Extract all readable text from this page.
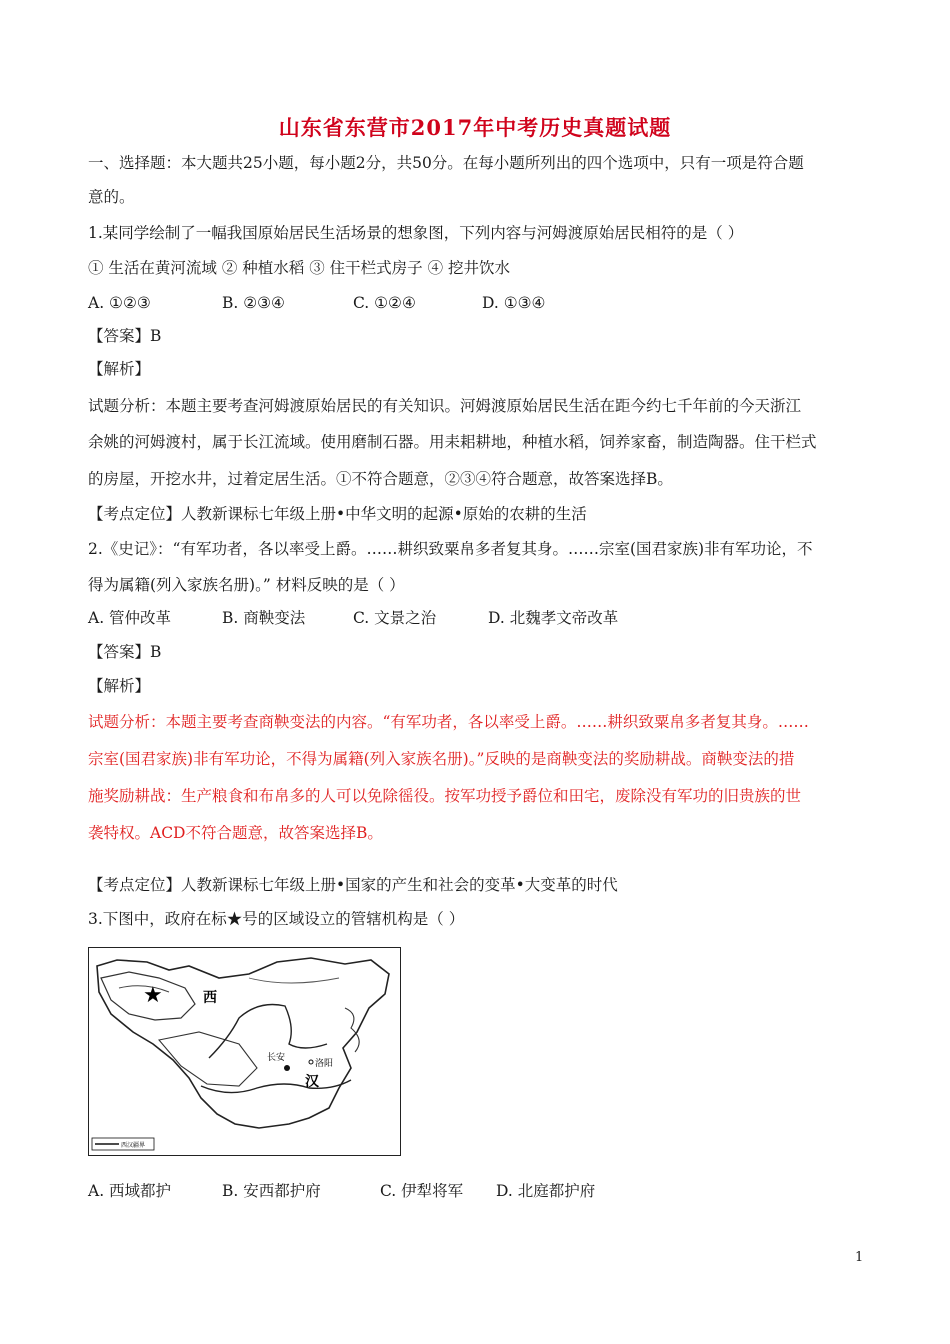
山东省东营市2017年中考历史真题试题
一、选择题：本大题共25小题，每小题2分，共50分。在每小题所列出的四个选项中，只有一项是符合题
意的。
1.某同学绘制了一幅我国原始居民生活场景的想象图，下列内容与河姆渡原始居民相符的是（ ）
① 生活在黄河流域 ② 种植水稻 ③ 住干栏式房子 ④ 挖井饮水
A. ①②③	B. ②③④	C. ①②④	D. ①③④
【答案】B
【解析】
试题分析：本题主要考查河姆渡原始居民的有关知识。河姆渡原始居民生活在距今约七千年前的今天浙江
余姚的河姆渡村，属于长江流域。使用磨制石器。用耒耜耕地，种植水稻，饲养家畜，制造陶器。住干栏式
的房屋，开挖水井，过着定居生活。①不符合题意，②③④符合题意，故答案选择B。
【考点定位】人教新课标七年级上册•中华文明的起源•原始的农耕的生活
2.《史记》：“有军功者，各以率受上爵。……耕织致粟帛多者复其身。……宗室(国君家族)非有军功论，不
得为属籍(列入家族名册)。” 材料反映的是（ ）
A. 管仲改革	B. 商鞅变法	C. 文景之治	D. 北魏孝文帝改革
【答案】B
【解析】
试题分析：本题主要考查商鞅变法的内容。“有军功者，各以率受上爵。……耕织致粟帛多者复其身。……
宗室(国君家族)非有军功论，不得为属籍(列入家族名册)。”反映的是商鞅变法的奖励耕战。商鞅变法的措
施奖励耕战：生产粮食和布帛多的人可以免除徭役。按军功授予爵位和田宅，废除没有军功的旧贵族的世
袭特权。ACD不符合题意，故答案选择B。
【考点定位】人教新课标七年级上册•国家的产生和社会的变革•大变革的时代
3.下图中，政府在标★号的区域设立的管辖机构是（ ）
★	西
长安
洛阳
汉
西汉疆界
A. 西域都护	B. 安西都护府	C. 伊犁将军 D. 北庭都护府
1
